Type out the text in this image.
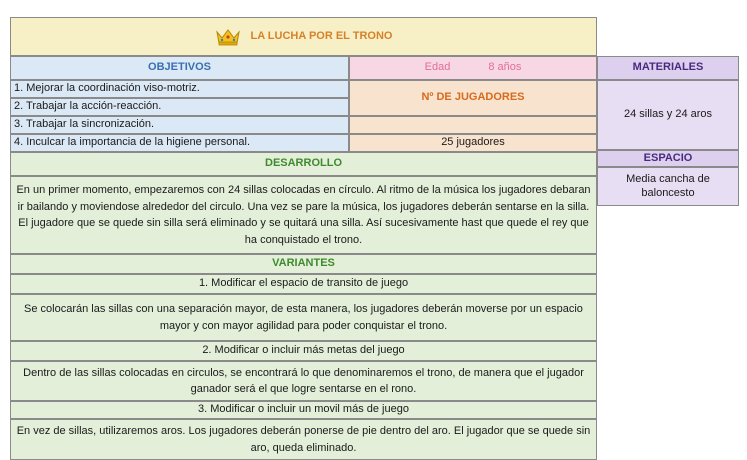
LA LUCHA POR EL TRONO
OBJETIVOS
1. Mejorar la coordinación viso-motriz.
2. Trabajar la acción-reacción.
3. Trabajar la sincronización.
4. Inculcar la importancia de la higiene personal.
Edad	8 años
Nº DE JUGADORES
25 jugadores
MATERIALES
24 sillas y 24 aros
ESPACIO
Media cancha de baloncesto
DESARROLLO
En un primer momento, empezaremos con 24 sillas colocadas en círculo. Al ritmo de la música los jugadores debaran ir bailando y moviendose alrededor del circulo. Una vez se pare la música, los jugadores deberán sentarse en la silla. El jugadore que se quede sin silla será eliminado y se quitará una silla. Así sucesivamente hast que quede el rey que ha conquistado el trono.
VARIANTES
1. Modificar el espacio de transito de juego
Se colocarán las sillas con una separación mayor, de esta manera, los jugadores deberán moverse por un espacio mayor y con mayor agilidad para poder conquistar el trono.
2. Modificar o incluir más metas del juego
Dentro de las sillas colocadas en circulos, se encontrará lo que denominaremos el trono, de manera que el jugador ganador será el que logre sentarse en el rono.
3. Modificar o incluir un movil más de juego
En vez de sillas, utilizaremos aros. Los jugadores deberán ponerse de pie dentro del aro. El jugador que se quede sin aro, queda eliminado.
